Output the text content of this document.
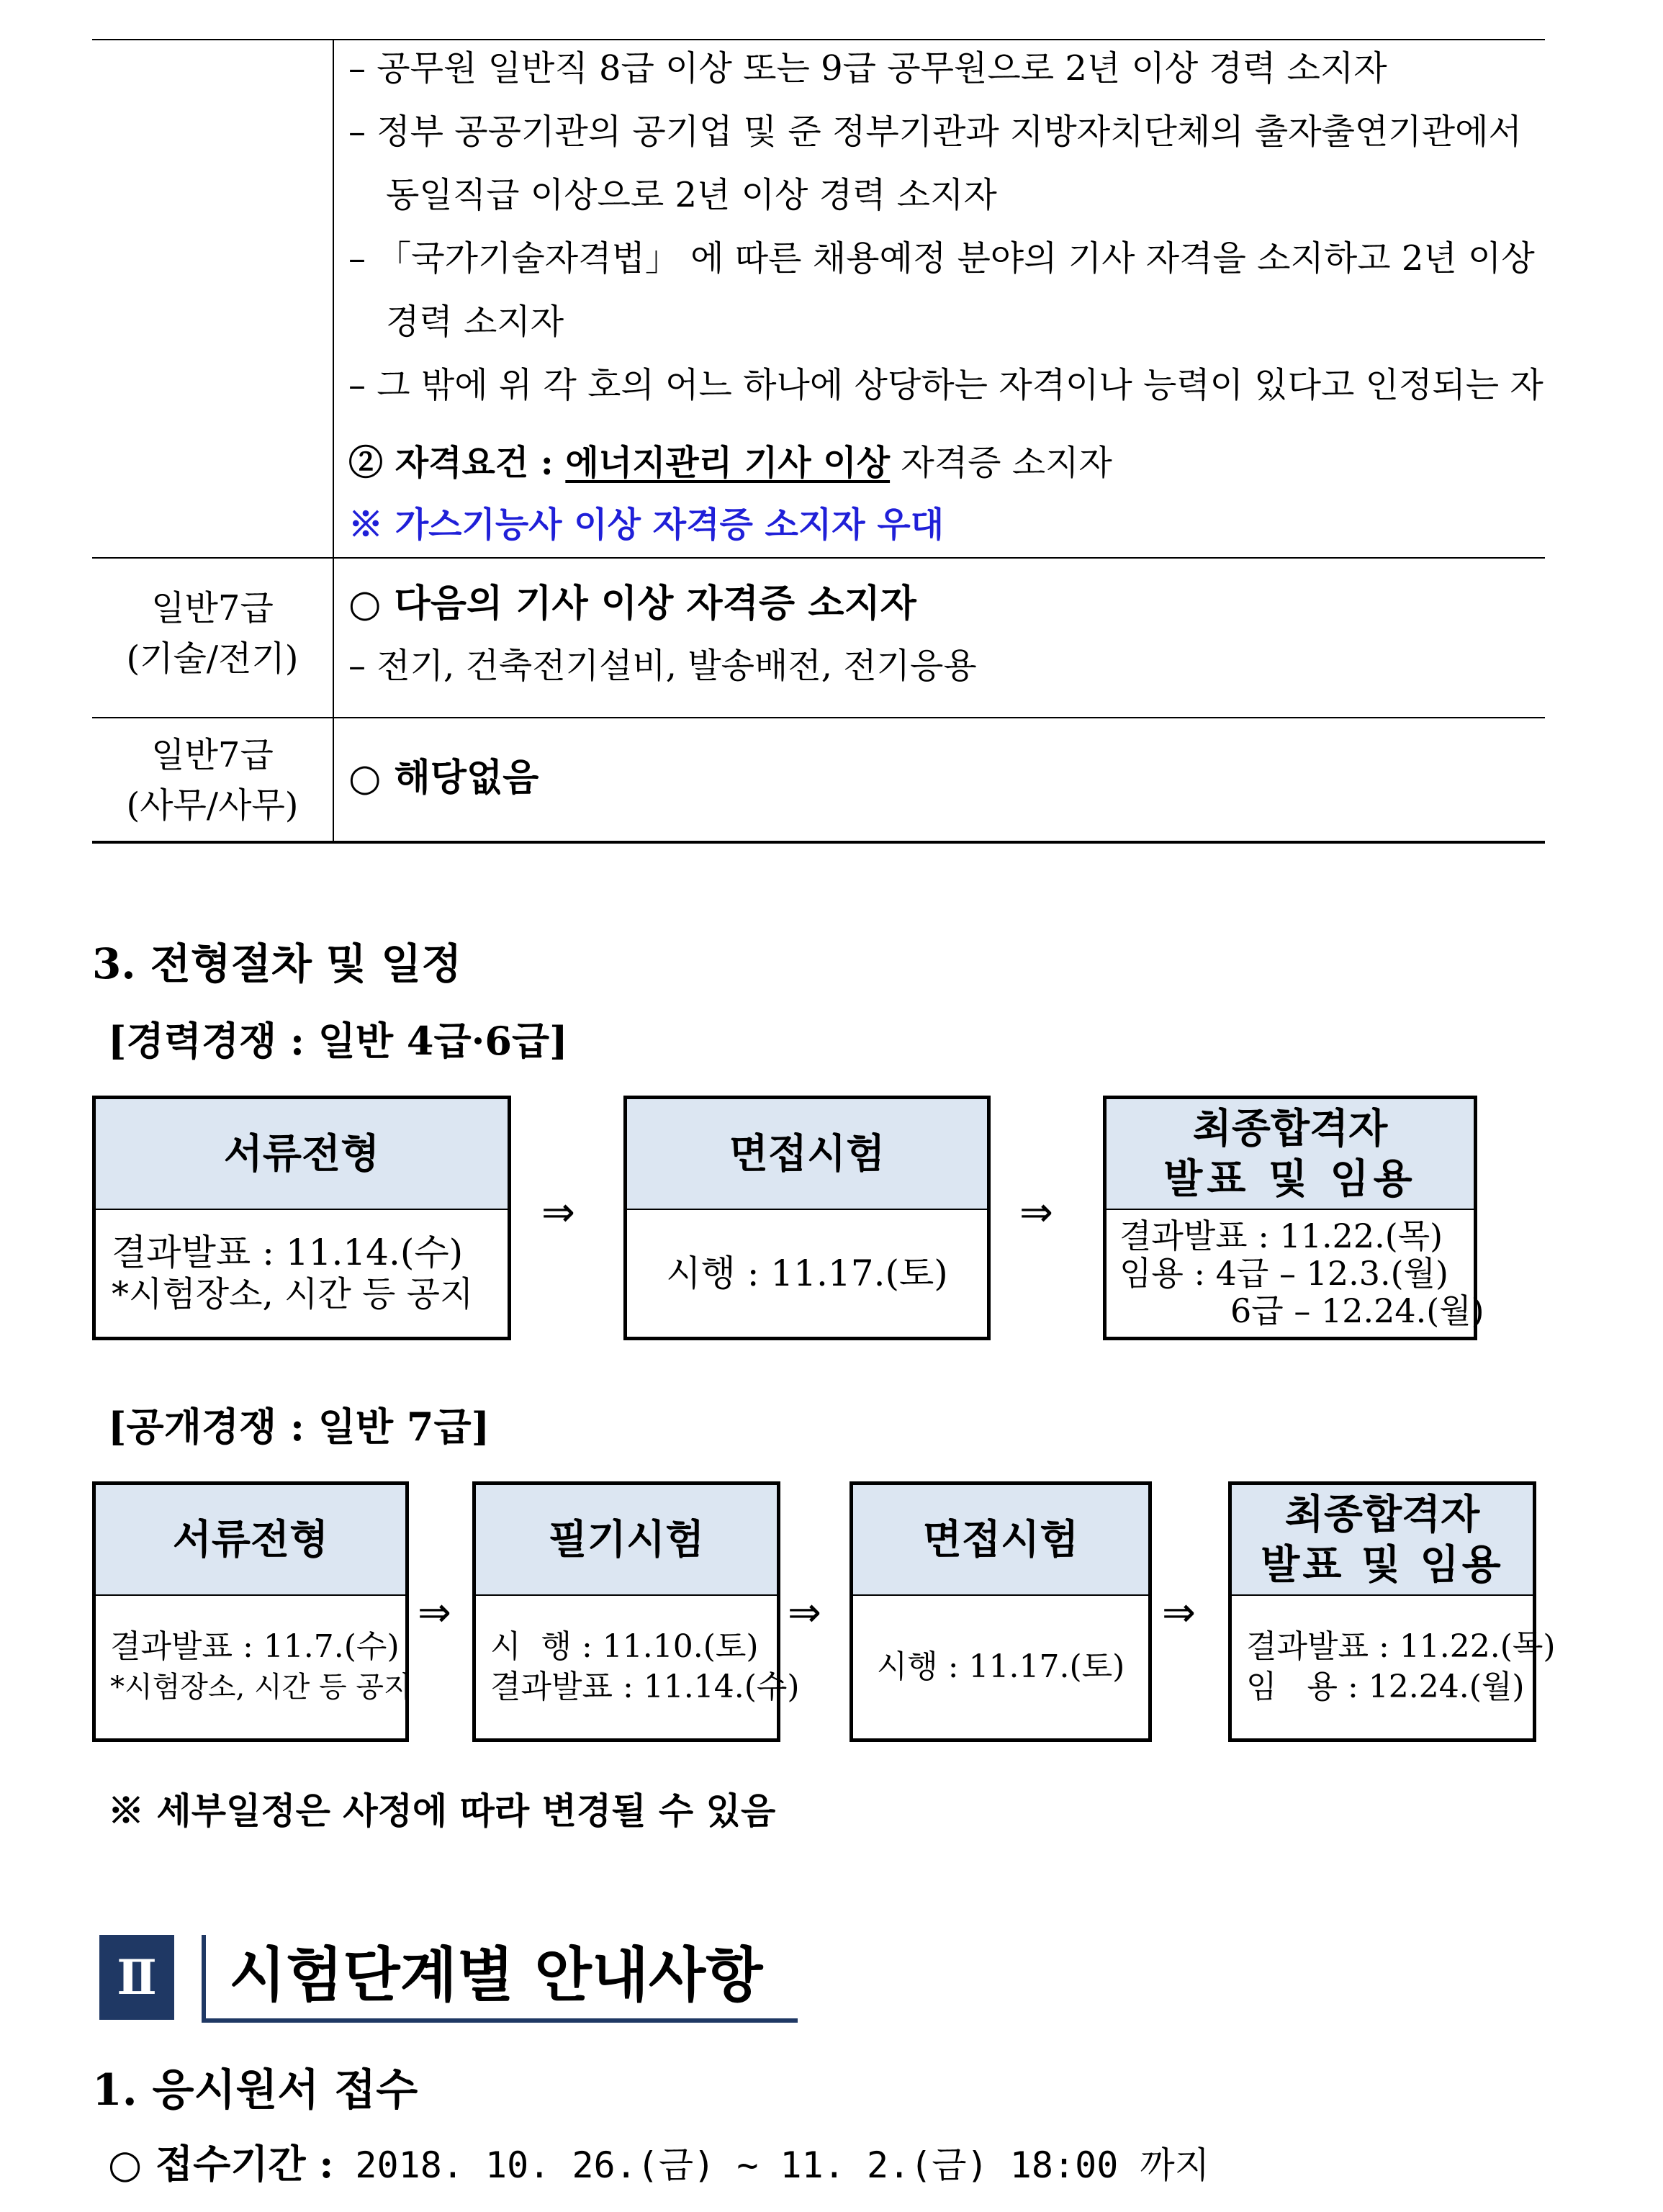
– 공무원 일반직 8급 이상 또는 9급 공무원으로 2년 이상 경력 소지자
– 정부 공공기관의 공기업 및 준 정부기관과 지방자치단체의 출자출연기관에서
동일직급 이상으로 2년 이상 경력 소지자
– 「국가기술자격법」 에 따른 채용예정 분야의 기사 자격을 소지하고 2년 이상
경력 소지자
– 그 밖에 위 각 호의 어느 하나에 상당하는 자격이나 능력이 있다고 인정되는 자
② 자격요건 : 에너지관리 기사 이상 자격증 소지자
※ 가스기능사 이상 자격증 소지자 우대
일반7급
(기술/전기)
○ 다음의 기사 이상 자격증 소지자
– 전기, 건축전기설비, 발송배전, 전기응용
일반7급
(사무/사무)
○ 해당없음
3. 전형절차 및 일정
[경력경쟁 : 일반 4급·6급]
서류전형
결과발표 : 11.14.(수)
*시험장소, 시간 등 공지
⇒
면접시험
시행 : 11.17.(토)
⇒
최종합격자
발표 및 임용
결과발표 : 11.22.(목)
임용 : 4급 – 12.3.(월)
6급 – 12.24.(월)
[공개경쟁 : 일반 7급]
서류전형
결과발표 : 11.7.(수)
*시험장소, 시간 등 공지
⇒
필기시험
시  행 : 11.10.(토)
결과발표 : 11.14.(수)
⇒
면접시험
시행 : 11.17.(토)
⇒
최종합격자
발표 및 임용
결과발표 : 11.22.(목)
임   용 : 12.24.(월)
※ 세부일정은 사정에 따라 변경될 수 있음
Ⅱ 시험단계별 안내사항
1. 응시원서 접수
○ 접수기간 : 2018. 10. 26.(금) ~ 11. 2.(금) 18:00 까지
